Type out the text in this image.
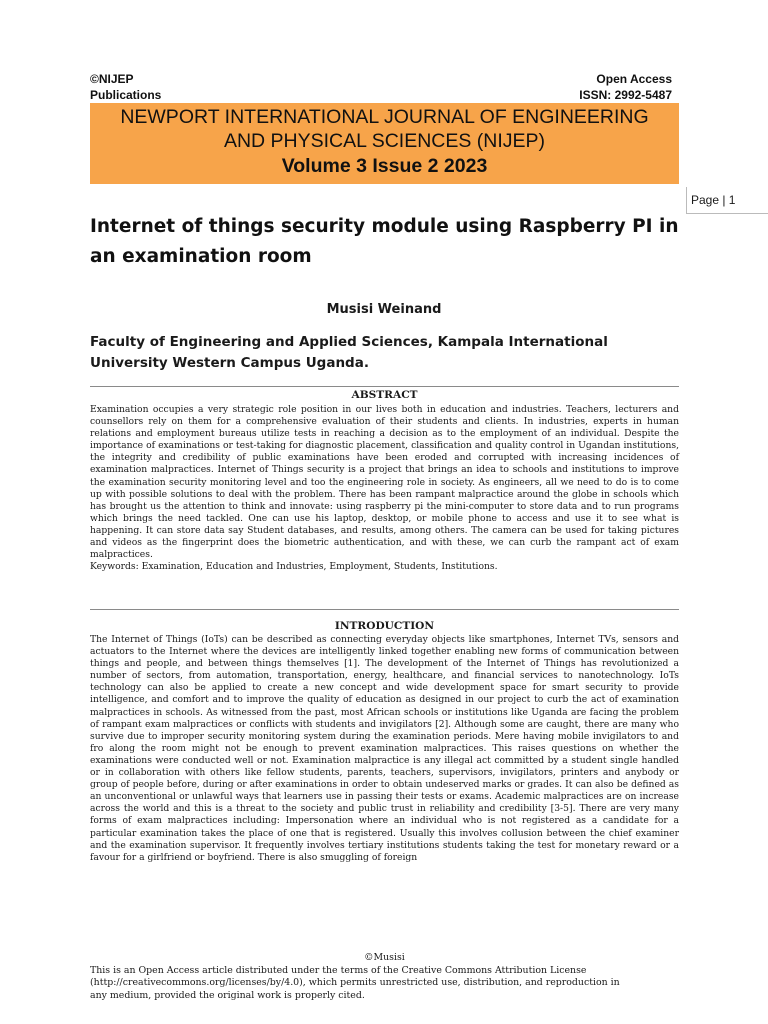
©NIJEP
Publications
Open Access
ISSN: 2992-5487
NEWPORT INTERNATIONAL JOURNAL OF ENGINEERING
AND PHYSICAL SCIENCES (NIJEP)
Volume 3 Issue 2 2023
Page | 1
Internet of things security module using Raspberry PI in an examination room
Musisi Weinand
Faculty of Engineering and Applied Sciences, Kampala International University Western Campus Uganda.
ABSTRACT
Examination occupies a very strategic role position in our lives both in education and industries. Teachers, lecturers and counsellors rely on them for a comprehensive evaluation of their students and clients. In industries, experts in human relations and employment bureaus utilize tests in reaching a decision as to the employment of an individual. Despite the importance of examinations or test-taking for diagnostic placement, classification and quality control in Ugandan institutions, the integrity and credibility of public examinations have been eroded and corrupted with increasing incidences of examination malpractices. Internet of Things security is a project that brings an idea to schools and institutions to improve the examination security monitoring level and too the engineering role in society. As engineers, all we need to do is to come up with possible solutions to deal with the problem. There has been rampant malpractice around the globe in schools which has brought us the attention to think and innovate: using raspberry pi the mini-computer to store data and to run programs which brings the need tackled. One can use his laptop, desktop, or mobile phone to access and use it to see what is happening. It can store data say Student databases, and results, among others. The camera can be used for taking pictures and videos as the fingerprint does the biometric authentication, and with these, we can curb the rampant act of exam malpractices.
Keywords: Examination, Education and Industries, Employment, Students, Institutions.
INTRODUCTION
The Internet of Things (IoTs) can be described as connecting everyday objects like smartphones, Internet TVs, sensors and actuators to the Internet where the devices are intelligently linked together enabling new forms of communication between things and people, and between things themselves [1]. The development of the Internet of Things has revolutionized a number of sectors, from automation, transportation, energy, healthcare, and financial services to nanotechnology. IoTs technology can also be applied to create a new concept and wide development space for smart security to provide intelligence, and comfort and to improve the quality of education as designed in our project to curb the act of examination malpractices in schools. As witnessed from the past, most African schools or institutions like Uganda are facing the problem of rampant exam malpractices or conflicts with students and invigilators [2]. Although some are caught, there are many who survive due to improper security monitoring system during the examination periods. Mere having mobile invigilators to and fro along the room might not be enough to prevent examination malpractices. This raises questions on whether the examinations were conducted well or not. Examination malpractice is any illegal act committed by a student single handled or in collaboration with others like fellow students, parents, teachers, supervisors, invigilators, printers and anybody or group of people before, during or after examinations in order to obtain undeserved marks or grades. It can also be defined as an unconventional or unlawful ways that learners use in passing their tests or exams. Academic malpractices are on increase across the world and this is a threat to the society and public trust in reliability and credibility [3-5]. There are very many forms of exam malpractices including: Impersonation where an individual who is not registered as a candidate for a particular examination takes the place of one that is registered. Usually this involves collusion between the chief examiner and the examination supervisor. It frequently involves tertiary institutions students taking the test for monetary reward or a favour for a girlfriend or boyfriend. There is also smuggling of foreign
©Musisi
This is an Open Access article distributed under the terms of the Creative Commons Attribution License
(http://creativecommons.org/licenses/by/4.0), which permits unrestricted use, distribution, and reproduction in
any medium, provided the original work is properly cited.
